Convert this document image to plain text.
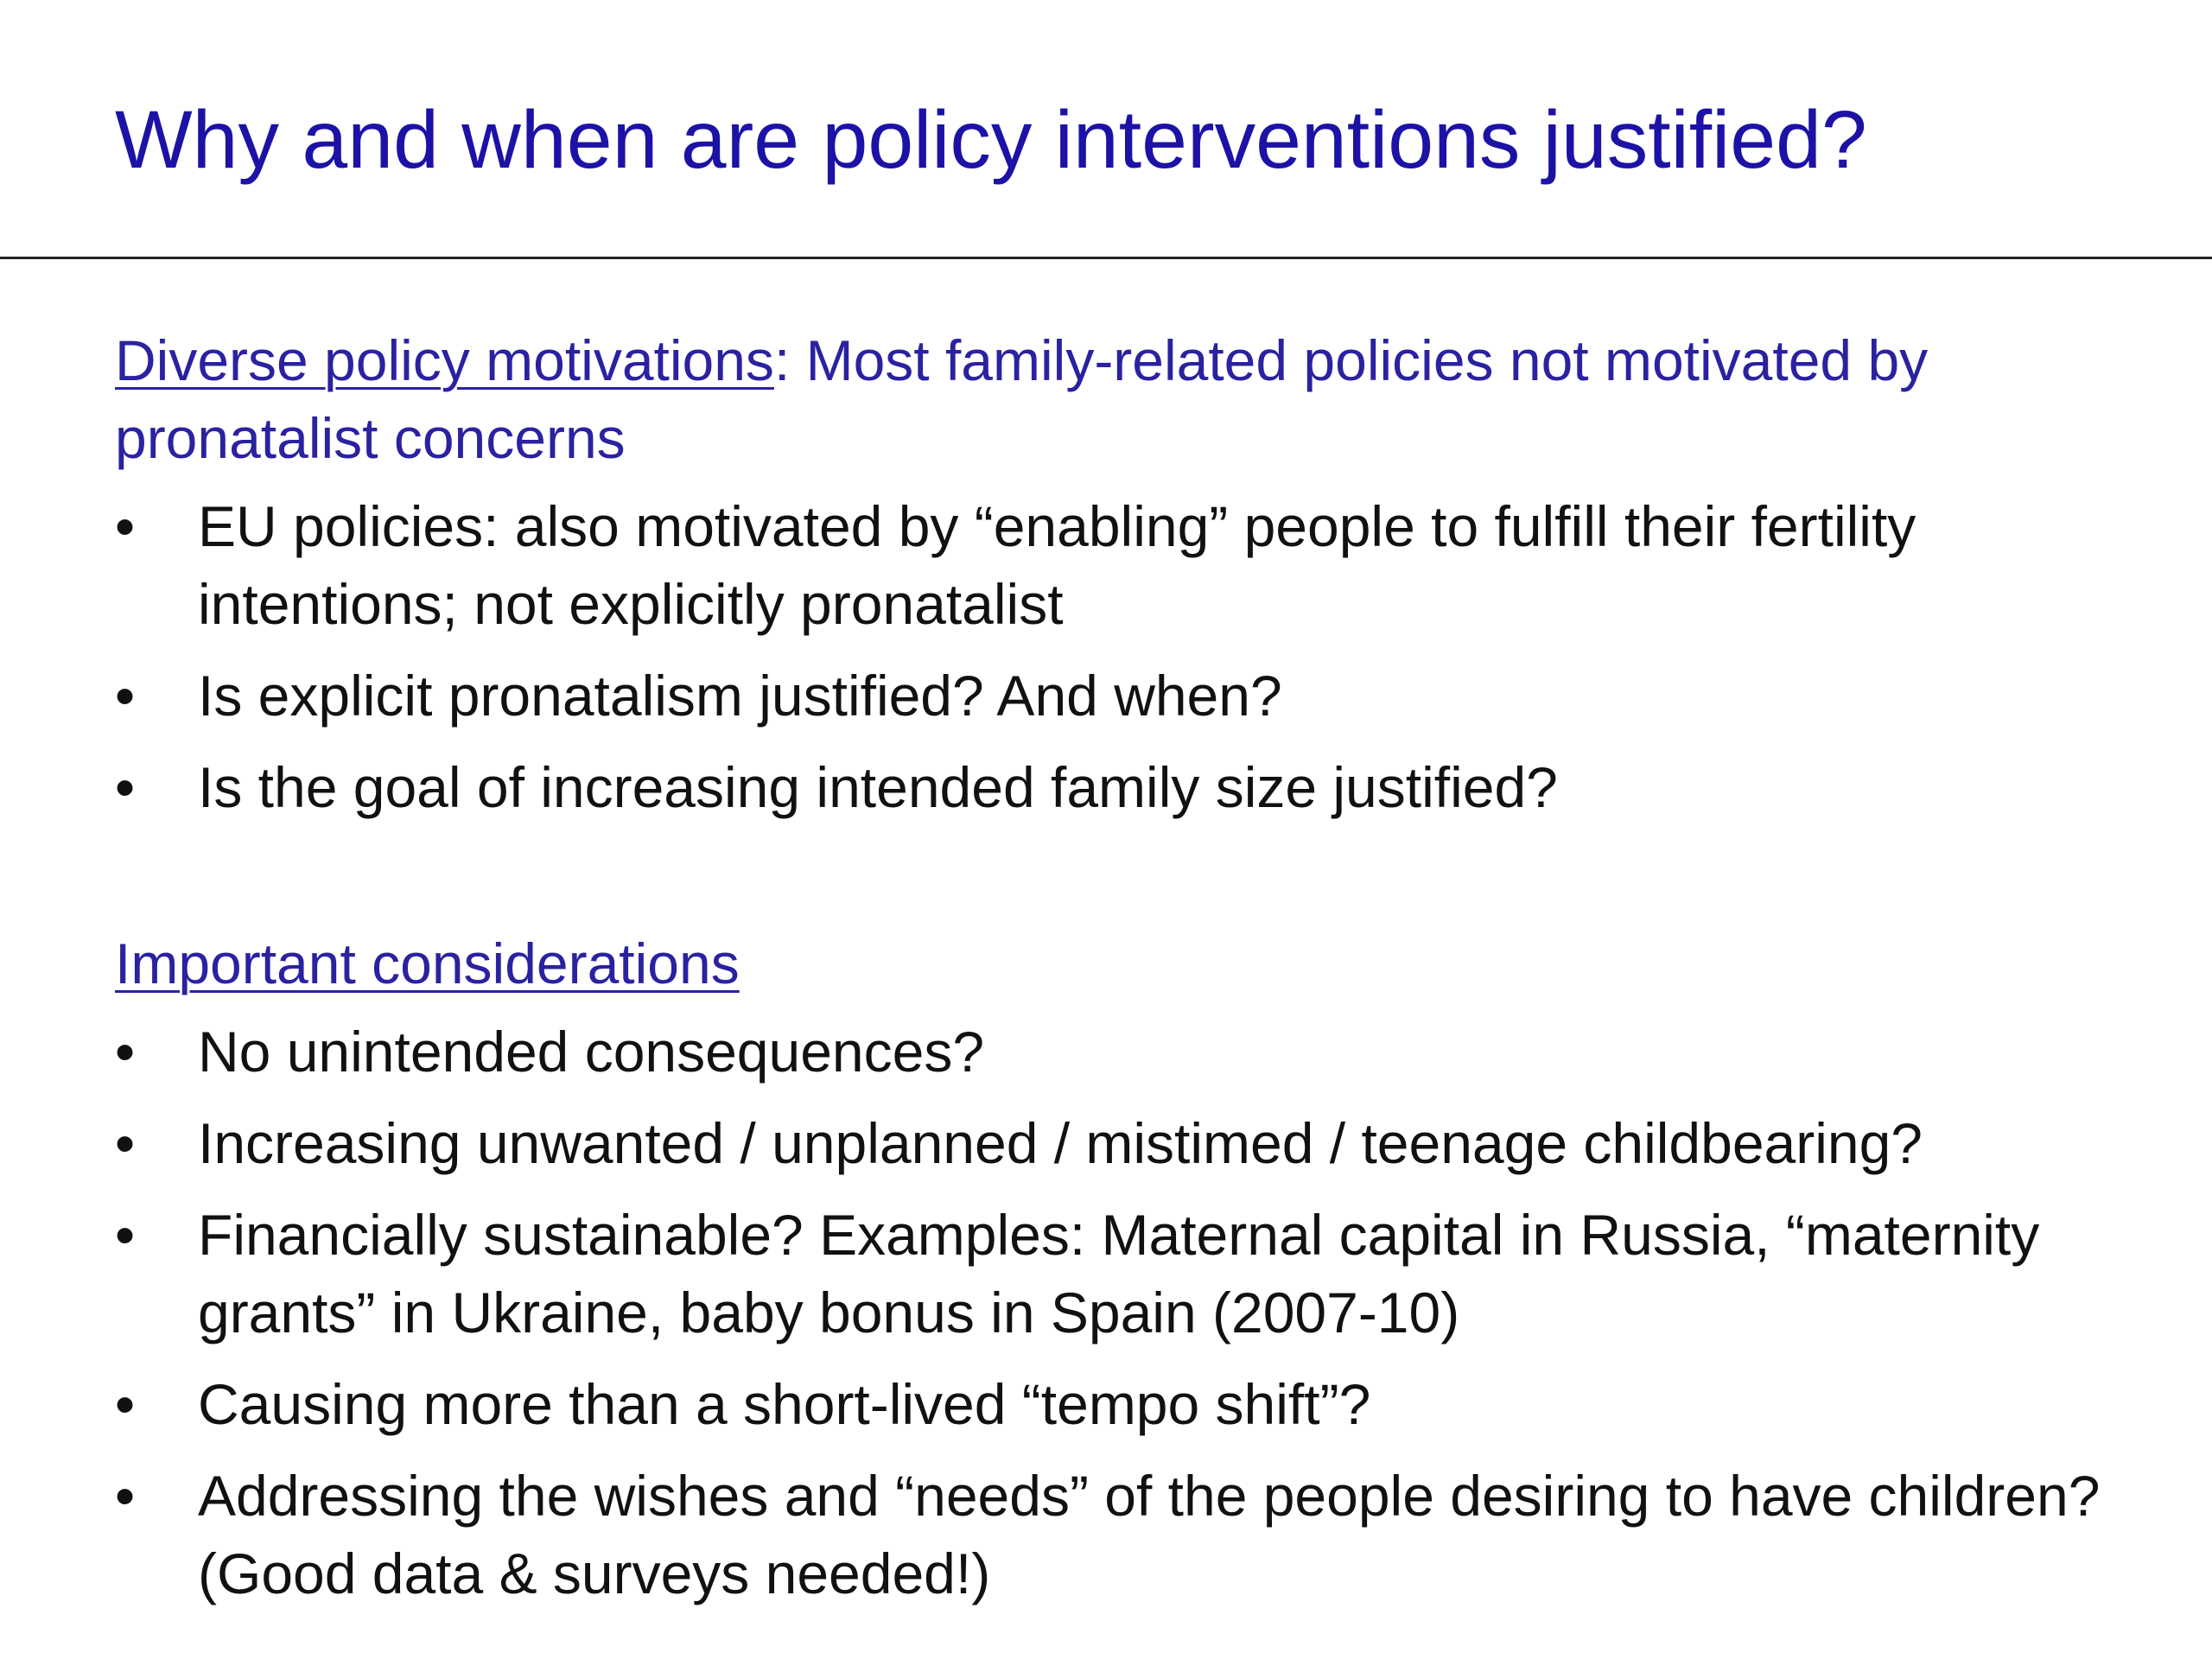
Why and when are policy interventions justified?

Diverse policy motivations: Most family-related policies not motivated by pronatalist concerns

• EU policies: also motivated by “enabling” people to fulfill their fertility intentions; not explicitly pronatalist
• Is explicit pronatalism justified? And when?
• Is the goal of increasing intended family size justified?

Important considerations

• No unintended consequences?
• Increasing unwanted / unplanned / mistimed / teenage childbearing?
• Financially sustainable? Examples: Maternal capital in Russia, “maternity grants” in Ukraine, baby bonus in Spain (2007-10)
• Causing more than a short-lived “tempo shift”?
• Addressing the wishes and “needs” of the people desiring to have children? (Good data & surveys needed!)
